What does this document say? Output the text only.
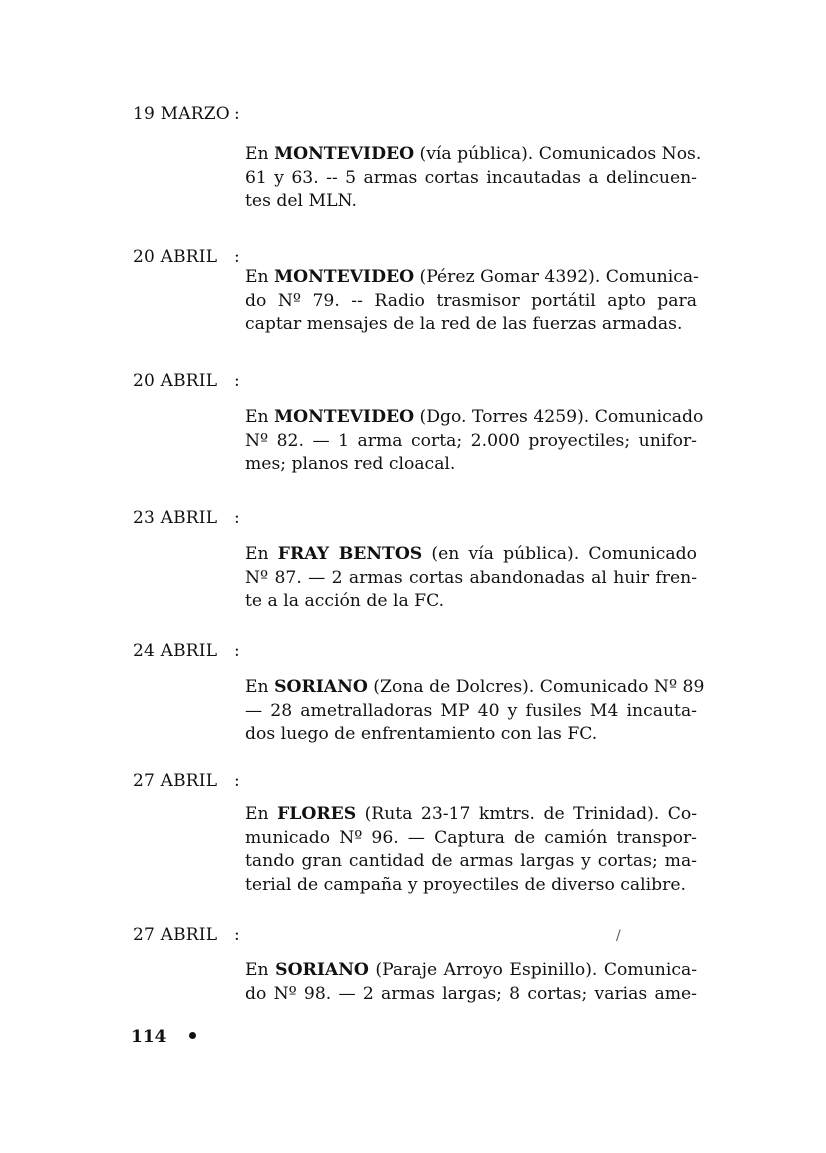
19 MARZO :
En MONTEVIDEO (vía pública). Comunicados Nos.
61 y 63. -- 5 armas cortas incautadas a delincuen-
tes del MLN.
20 ABRIL :
En MONTEVIDEO (Pérez Gomar 4392). Comunica-
do Nº 79. -- Radio trasmisor portátil apto para
captar mensajes de la red de las fuerzas armadas.
20 ABRIL :
En MONTEVIDEO (Dgo. Torres 4259). Comunicado
Nº 82. — 1 arma corta; 2.000 proyectiles; unifor-
mes; planos red cloacal.
23 ABRIL :
En FRAY BENTOS (en vía pública). Comunicado
Nº 87. — 2 armas cortas abandonadas al huir fren-
te a la acción de la FC.
24 ABRIL :
En SORIANO (Zona de Dolcres). Comunicado Nº 89
— 28 ametralladoras MP 40 y fusiles M4 incauta-
dos luego de enfrentamiento con las FC.
27 ABRIL :
En FLORES (Ruta 23-17 kmtrs. de Trinidad). Co-
municado Nº 96. — Captura de camión transpor-
tando gran cantidad de armas largas y cortas; ma-
terial de campaña y proyectiles de diverso calibre.
27 ABRIL :	/
En SORIANO (Paraje Arroyo Espinillo). Comunica-
do Nº 98. — 2 armas largas; 8 cortas; varias ame-
114
